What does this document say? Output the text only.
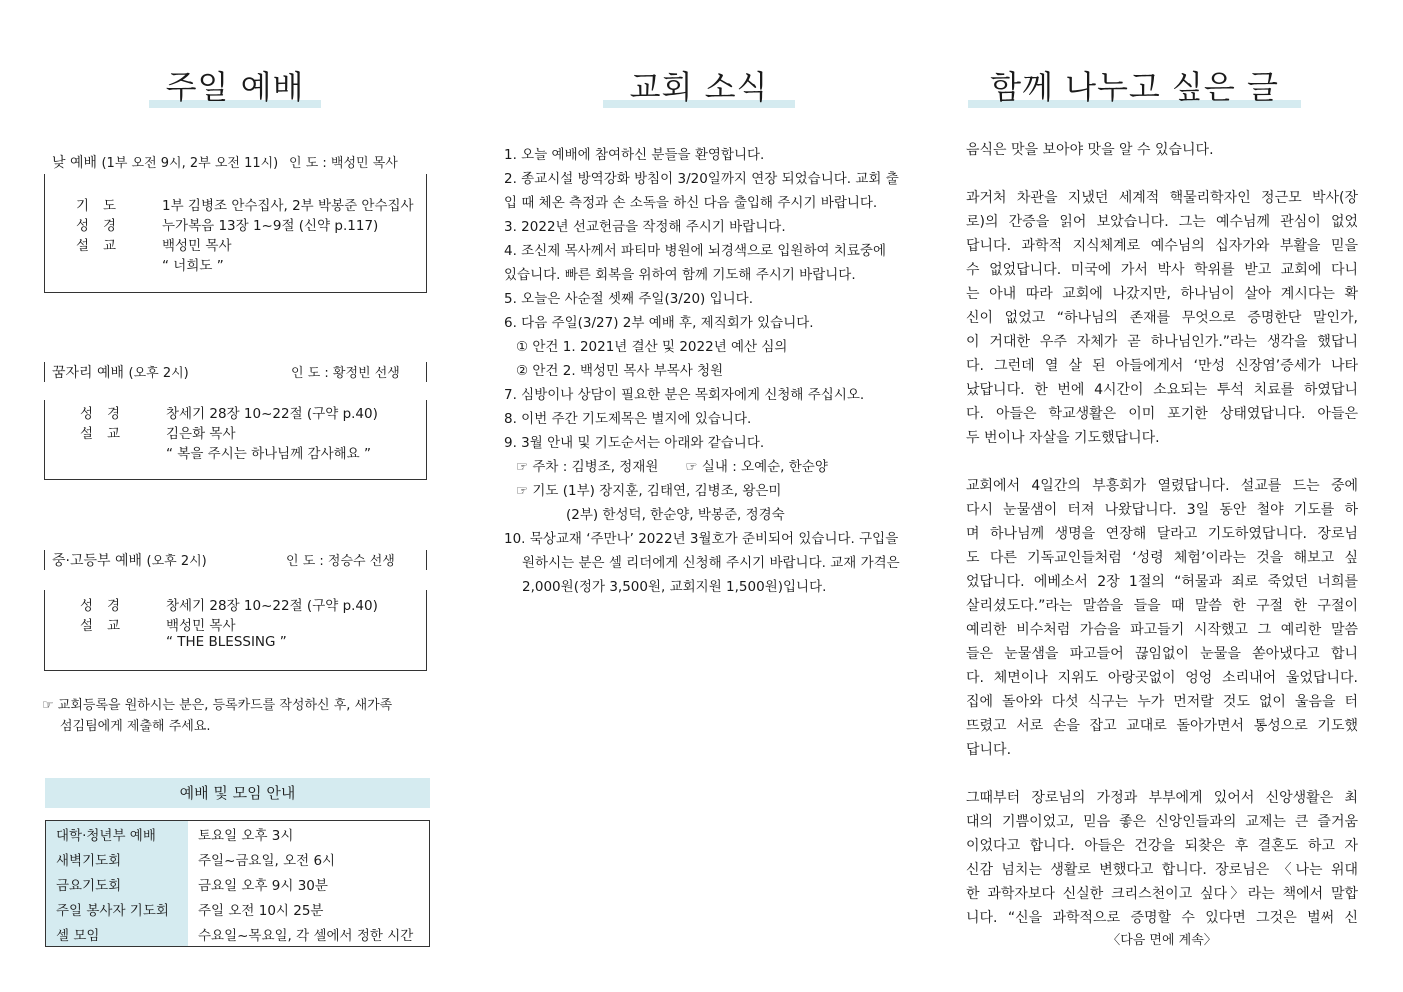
주일 예배
낮 예배 (1부 오전 9시, 2부 오전 11시) 인 도 : 백성민 목사
기도 1부 김병조 안수집사, 2부 박봉준 안수집사
성경 누가복음 13장 1~9절 (신약 p.117)
설교 백성민 목사
“ 너희도 ”
꿈자리 예배 (오후 2시)	인 도 : 황정빈 선생
성경 창세기 28장 10~22절 (구약 p.40)
설교 김은화 목사
“ 복을 주시는 하나님께 감사해요 ”
중·고등부 예배 (오후 2시)	인 도 : 정승수 선생
성경 창세기 28장 10~22절 (구약 p.40)
설교 백성민 목사
“ THE BLESSING ”
☞ 교회등록을 원하시는 분은, 등록카드를 작성하신 후, 새가족
섬김팀에게 제출해 주세요.
예배 및 모임 안내
대학·청년부 예배	토요일 오후 3시
새벽기도회	주일~금요일, 오전 6시
금요기도회	금요일 오후 9시 30분
주일 봉사자 기도회	주일 오전 10시 25분
셀 모임	수요일~목요일, 각 셀에서 정한 시간
교회 소식
1. 오늘 예배에 참여하신 분들을 환영합니다.
2. 종교시설 방역강화 방침이 3/20일까지 연장 되었습니다. 교회 출
입 때 체온 측정과 손 소독을 하신 다음 출입해 주시기 바랍니다.
3. 2022년 선교헌금을 작정해 주시기 바랍니다.
4. 조신제 목사께서 파티마 병원에 뇌경색으로 입원하여 치료중에
있습니다. 빠른 회복을 위하여 함께 기도해 주시기 바랍니다.
5. 오늘은 사순절 셋째 주일(3/20) 입니다.
6. 다음 주일(3/27) 2부 예배 후, 제직회가 있습니다.
① 안건 1. 2021년 결산 및 2022년 예산 심의
② 안건 2. 백성민 목사 부목사 청원
7. 심방이나 상담이 필요한 분은 목회자에게 신청해 주십시오.
8. 이번 주간 기도제목은 별지에 있습니다.
9. 3월 안내 및 기도순서는 아래와 같습니다.
☞ 주차 : 김병조, 정재원　　☞ 실내 : 오예순, 한순양
☞ 기도 (1부) 장지훈, 김태연, 김병조, 왕은미
(2부) 한성덕, 한순양, 박봉준, 정경숙
10. 묵상교재 ‘주만나’ 2022년 3월호가 준비되어 있습니다. 구입을
원하시는 분은 셀 리더에게 신청해 주시기 바랍니다. 교재 가격은
2,000원(정가 3,500원, 교회지원 1,500원)입니다.
함께 나누고 싶은 글
음식은 맛을 보아야 맛을 알 수 있습니다.
과거처 차관을 지냈던 세계적 핵물리학자인 정근모 박사(장
로)의 간증을 읽어 보았습니다. 그는 예수님께 관심이 없었
답니다. 과학적 지식체계로 예수님의 십자가와 부활을 믿을
수 없었답니다. 미국에 가서 박사 학위를 받고 교회에 다니
는 아내 따라 교회에 나갔지만, 하나님이 살아 계시다는 확
신이 없었고 “하나님의 존재를 무엇으로 증명한단 말인가,
이 거대한 우주 자체가 곧 하나님인가.”라는 생각을 했답니
다. 그런데 열 살 된 아들에게서 ‘만성 신장염’증세가 나타
났답니다. 한 번에 4시간이 소요되는 투석 치료를 하였답니
다. 아들은 학교생활은 이미 포기한 상태였답니다. 아들은
두 번이나 자살을 기도했답니다.
교회에서 4일간의 부흥회가 열렸답니다. 설교를 드는 중에
다시 눈물샘이 터져 나왔답니다. 3일 동안 철야 기도를 하
며 하나님께 생명을 연장해 달라고 기도하였답니다. 장로님
도 다른 기독교인들처럼 ‘성령 체험’이라는 것을 해보고 싶
었답니다. 에베소서 2장 1절의 “허물과 죄로 죽었던 너희를
살리셨도다.”라는 말씀을 들을 때 말씀 한 구절 한 구절이
예리한 비수처럼 가슴을 파고들기 시작했고 그 예리한 말씀
들은 눈물샘을 파고들어 끊임없이 눈물을 쏟아냈다고 합니
다. 체면이나 지위도 아랑곳없이 엉엉 소리내어 울었답니다.
집에 돌아와 다섯 식구는 누가 먼저랄 것도 없이 울음을 터
뜨렸고 서로 손을 잡고 교대로 돌아가면서 통성으로 기도했
답니다.
그때부터 장로님의 가정과 부부에게 있어서 신앙생활은 최
대의 기쁨이었고, 믿음 좋은 신앙인들과의 교제는 큰 즐거움
이었다고 합니다. 아들은 건강을 되찾은 후 결혼도 하고 자
신감 넘치는 생활로 변했다고 합니다. 장로님은 〈나는 위대
한 과학자보다 신실한 크리스천이고 싶다〉라는 책에서 말합
니다. “신을 과학적으로 증명할 수 있다면 그것은 벌써 신
〈다음 면에 계속〉
